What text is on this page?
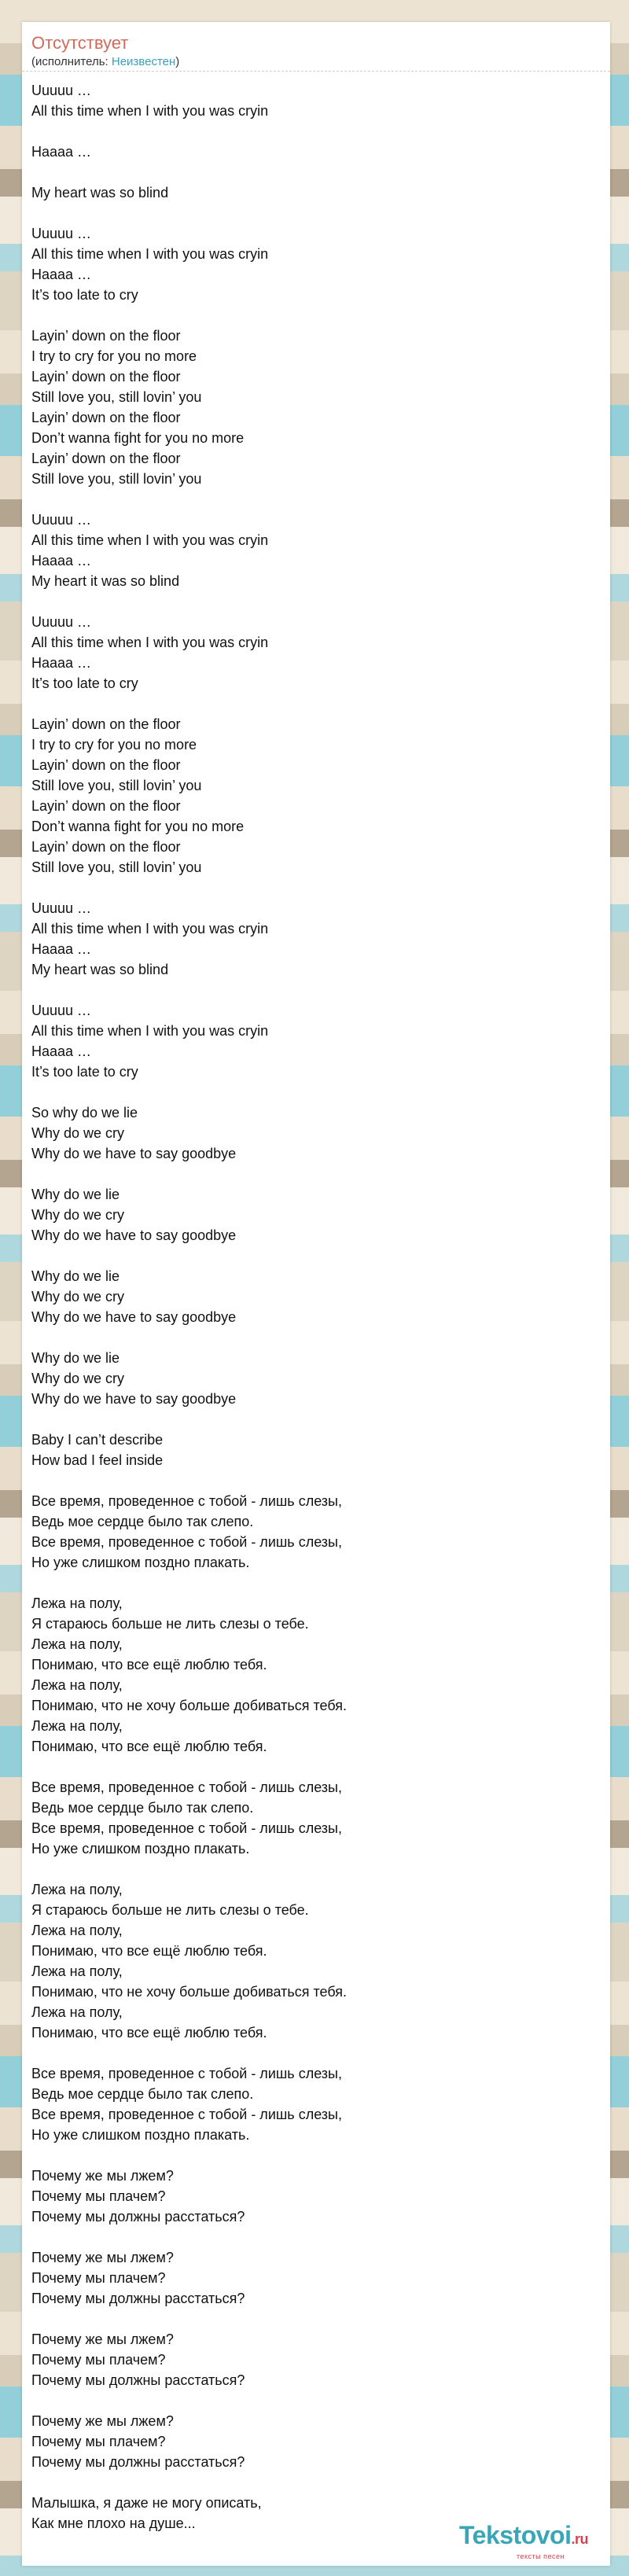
Отсутствует
(исполнитель: Неизвестен)
Uuuuu …
All this time when I with you was cryin

Haaaa …

My heart was so blind

Uuuuu …
All this time when I with you was cryin
Haaaa …
It’s too late to cry

Layin’ down on the floor
I try to cry for you no more
Layin’ down on the floor
Still love you, still lovin’ you
Layin’ down on the floor
Don’t wanna fight for you no more
Layin’ down on the floor
Still love you, still lovin’ you

Uuuuu …
All this time when I with you was cryin
Haaaa …
My heart it was so blind

Uuuuu …
All this time when I with you was cryin
Haaaa …
It’s too late to cry

Layin’ down on the floor
I try to cry for you no more
Layin’ down on the floor
Still love you, still lovin’ you
Layin’ down on the floor
Don’t wanna fight for you no more
Layin’ down on the floor
Still love you, still lovin’ you

Uuuuu …
All this time when I with you was cryin
Haaaa …
My heart was so blind

Uuuuu …
All this time when I with you was cryin
Haaaa …
It’s too late to cry

So why do we lie
Why do we cry
Why do we have to say goodbye

Why do we lie
Why do we cry
Why do we have to say goodbye

Why do we lie
Why do we cry
Why do we have to say goodbye

Why do we lie
Why do we cry
Why do we have to say goodbye

Baby I can’t describe
How bad I feel inside

Все время, проведенное с тобой - лишь слезы,
Ведь мое сердце было так слепо.
Все время, проведенное с тобой - лишь слезы,
Но уже слишком поздно плакать.

Лежа на полу,
Я стараюсь больше не лить слезы о тебе.
Лежа на полу,
Понимаю, что все ещё люблю тебя.
Лежа на полу,
Понимаю, что не хочу больше добиваться тебя.
Лежа на полу,
Понимаю, что все ещё люблю тебя.

Все время, проведенное с тобой - лишь слезы,
Ведь мое сердце было так слепо.
Все время, проведенное с тобой - лишь слезы,
Но уже слишком поздно плакать.

Лежа на полу,
Я стараюсь больше не лить слезы о тебе.
Лежа на полу,
Понимаю, что все ещё люблю тебя.
Лежа на полу,
Понимаю, что не хочу больше добиваться тебя.
Лежа на полу,
Понимаю, что все ещё люблю тебя.

Все время, проведенное с тобой - лишь слезы,
Ведь мое сердце было так слепо.
Все время, проведенное с тобой - лишь слезы,
Но уже слишком поздно плакать.

Почему же мы лжем?
Почему мы плачем?
Почему мы должны расстаться?

Почему же мы лжем?
Почему мы плачем?
Почему мы должны расстаться?

Почему же мы лжем?
Почему мы плачем?
Почему мы должны расстаться?

Почему же мы лжем?
Почему мы плачем?
Почему мы должны расстаться?

Малышка, я даже не могу описать,
Как мне плохо на душе...	Tekstovoi.ru
тексты песен
